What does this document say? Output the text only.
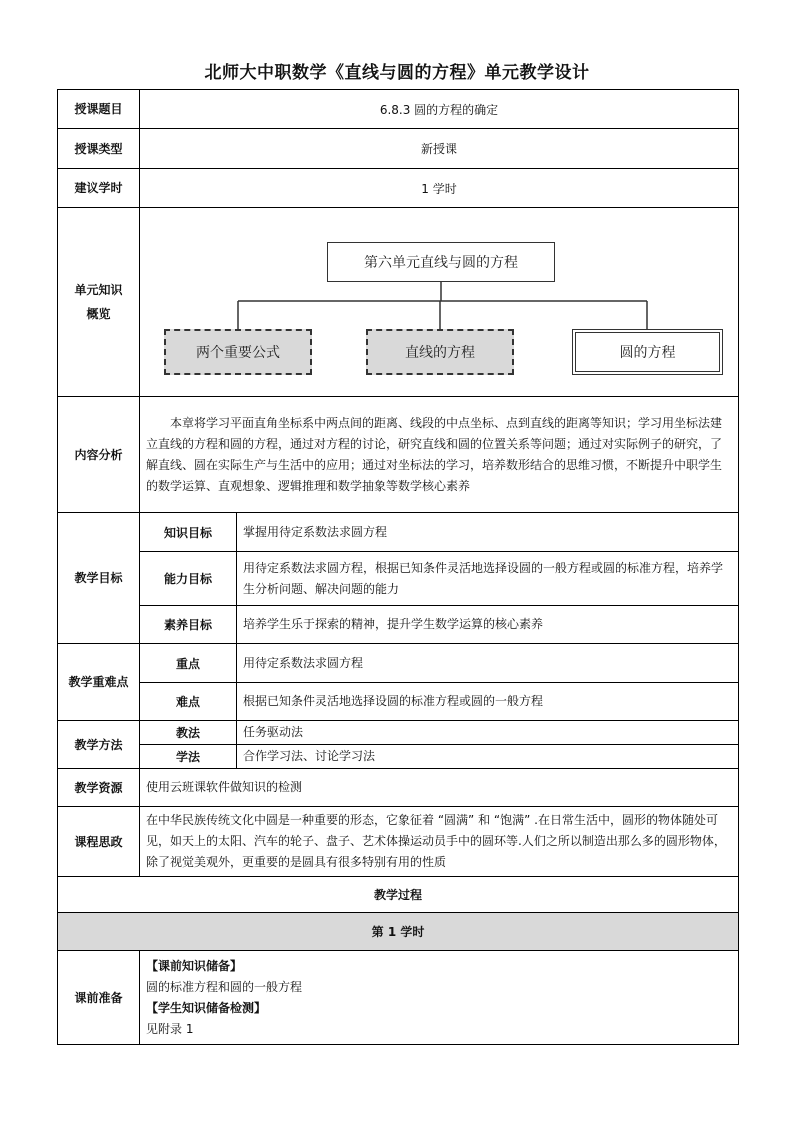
北师大中职数学《直线与圆的方程》单元教学设计
授课题目	6.8.3 圆的方程的确定	
授课类型	新授课	
建议学时	1 学时	

单元知识概览	第六单元直线与圆的方程
两个重要公式 直线的方程 圆的方程	

内容分析	本章将学习平面直角坐标系中两点间的距离、线段的中点坐标、点到直线的距离等知识；学习用坐标法建立直线的方程和圆的方程，通过对方程的讨论，研究直线和圆的位置关系等问题；通过对实际例子的研究，了解直线、圆在实际生产与生活中的应用；通过对坐标法的学习，培养数形结合的思维习惯，不断提升中职学生的数学运算、直观想象、逻辑推理和数学抽象等数学核心素养	
教学目标	知识目标	掌握用待定系数法求圆方程
	能力目标	用待定系数法求圆方程，根据已知条件灵活地选择设圆的一般方程或圆的标准方程，培养学生分析问题、解决问题的能力
	素养目标	培养学生乐于探索的精神，提升学生数学运算的核心素养

教学重难点	重点	用待定系数法求圆方程
	难点	根据已知条件灵活地选择设圆的标准方程或圆的一般方程
教学方法	教法	任务驱动法
	学法	合作学习法、讨论学习法
教学资源	使用云班课软件做知识的检测	
课程思政	在中华民族传统文化中圆是一种重要的形态，它象征着 “圆满” 和 “饱满” .在日常生活中，圆形的物体随处可见，如天上的太阳、汽车的轮子、盘子、艺术体操运动员手中的圆环等.人们之所以制造出那么多的圆形物体，除了视觉美观外，更重要的是圆具有很多特别有用的性质	
教学过程		
第 1 学时		
课前准备	【课前知识储备】
圆的标准方程和圆的一般方程
【学生知识储备检测】
见附录 1	
